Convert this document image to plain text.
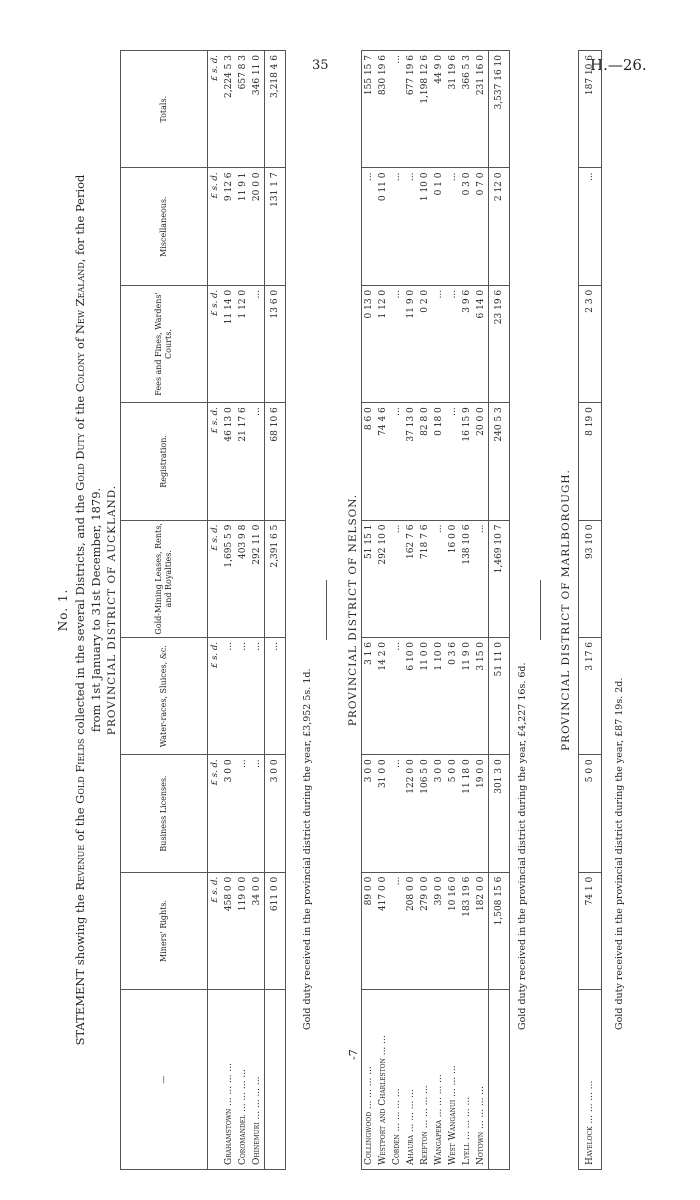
35	H.—26.
No. 1.
STATEMENT showing the Revenue of the Gold Fields collected in the several Districts, and the Gold Duty of the Colony of New Zealand, for the Period
from 1st January to 31st December, 1879. PROVINCIAL DISTRICT OF AUCKLAND.
—	Miners' Rights.	Business Licenses.	Water-races, Sluices, &c.	Gold-Mining Leases, Rents, and Royalties.	Registration.	Fees and Fines, Wardens' Courts.	Miscellaneous.	Totals.
	£ s. d.	£ s. d.	£ s. d.	£ s. d.	£ s. d.	£ s. d.	£ s. d.	£ s. d.
Grahamstown ... ... ... ...	458 0 0	3 0 0	...	1,695 5 9	46 13 0	11 14 0	9 12 6	2,224 5 3
Coromandel ... ... ... ...	119 0 0	...	...	403 9 8	21 17 6	1 12 0	11 9 1	657 8 3
Ohinemuri ... ... ... ...	34 0 0	...	...	292 11 0	...	...	20 0 0	346 11 0
	611 0 0	3 0 0	...	2,391 6 5	68 10 6	13 6 0	131 1 7	3,218 4 6
Gold duty received in the provincial district during the year, £3,952 5s. 1d.
-7
PROVINCIAL DISTRICT OF NELSON.
Collingwood ... ... ... ...	89 0 0	3 0 0	3 1 6	51 15 1	8 6 0	0 13 0	...	155 15 7
Westport and Charleston ... ...	417 0 0	31 0 0	14 2 0	292 10 0	74 4 6	1 12 0	0 11 0	830 19 6
Cobden ... ... ... ...	...	...	...	...	...	...	...	...
Ahaura ... ... ... ...	208 0 0	122 0 0	6 10 0	162 7 6	37 13 0	11 9 0	...	677 19 6
Reefton ... ... ... ...	279 0 0	106 5 0	11 0 0	718 7 6	82 8 0	0 2 0	1 10 0	1,198 12 6
Wangapeka ... ... ... ...	39 0 0	3 0 0	1 10 0	...	0 18 0	...	0 1 0	44 9 0
West Wanganui ... ... ...	10 16 0	5 0 0	0 3 6	16 0 0	...	...	...	31 19 6
Lyell ... ... ... ...	183 19 6	11 18 0	11 9 0	138 10 6	16 15 9	3 9 6	0 3 0	366 5 3
Notown ... ... ... ...	182 0 0	19 0 0	3 15 0	...	20 0 0	6 14 0	0 7 0	231 16 0
	1,508 15 6	301 3 0	51 11 0	1,469 10 7	240 5 3	23 19 6	2 12 0	3,537 16 10
Gold duty received in the provincial district during the year, £4,227 16s. 6d.
PROVINCIAL DISTRICT OF MARLBOROUGH.
Havelock ... ... ... ...	74 1 0	5 0 0	3 17 6	93 10 0	8 19 0	2 3 0	...	187 10 6
Gold duty received in the provincial district during the year, £87 19s. 2d.
